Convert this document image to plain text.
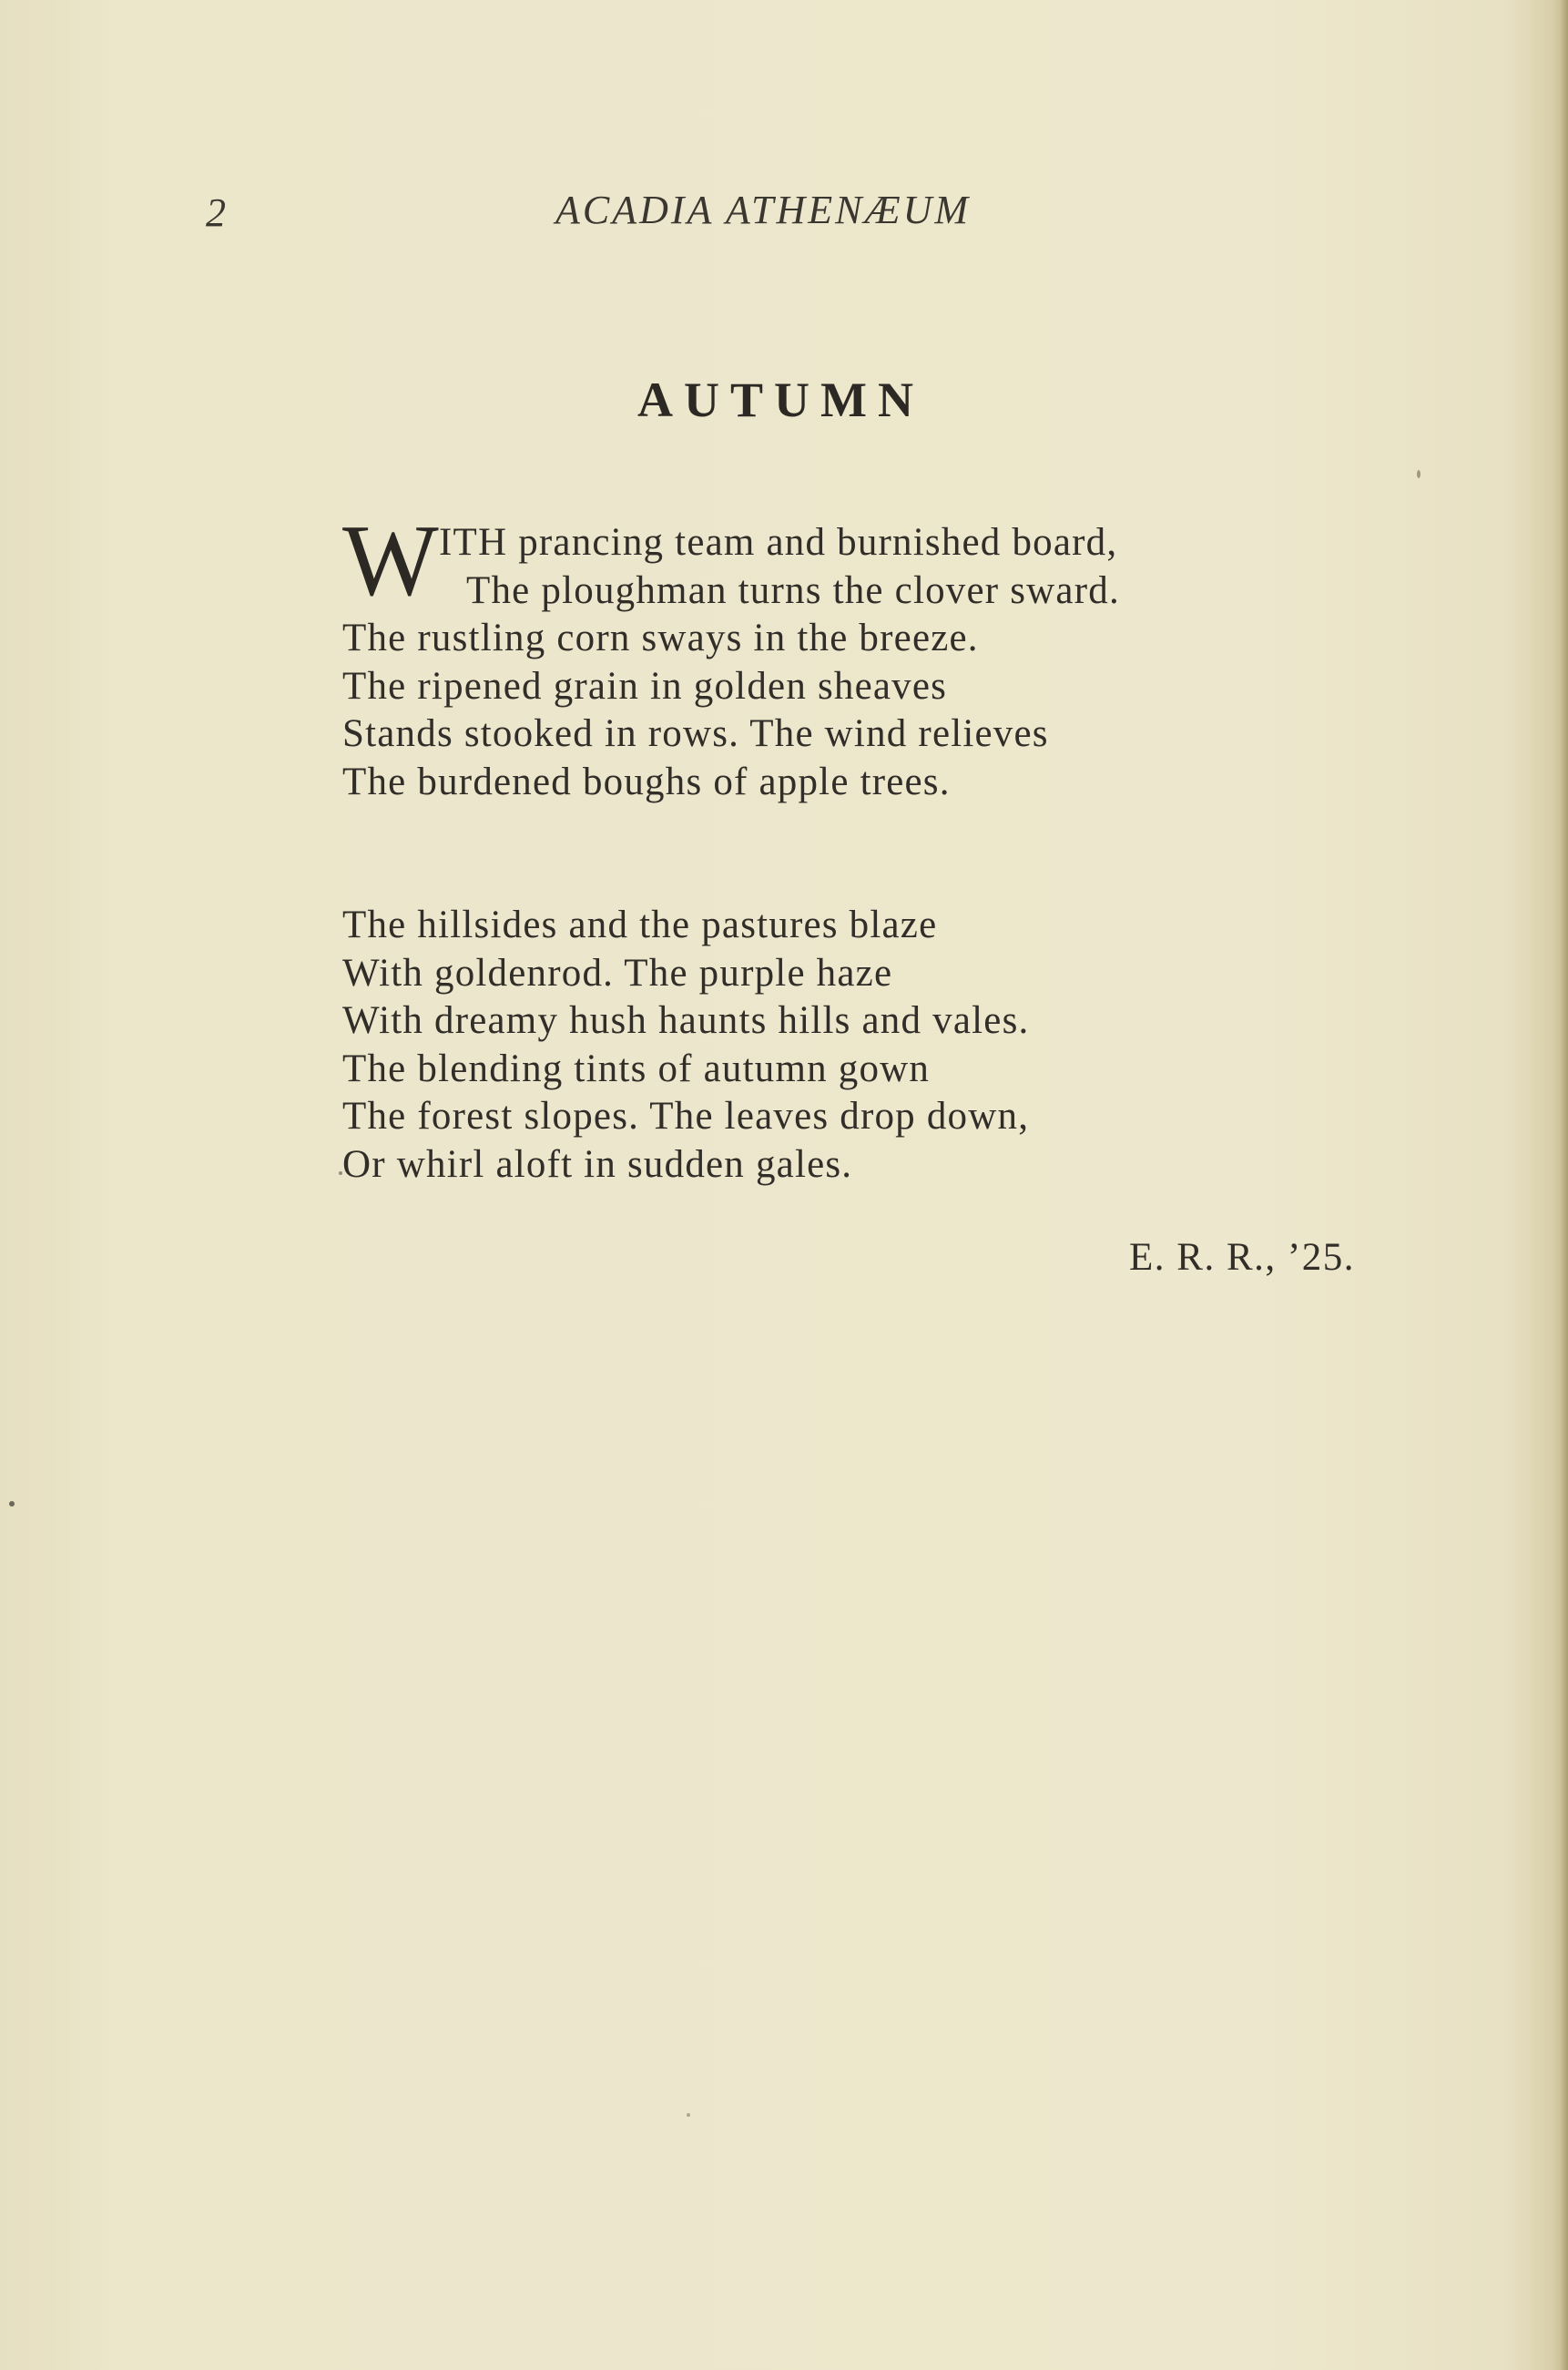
2	ACADIA ATHENÆUM
AUTUMN
W ITH prancing team and burnished board,
The ploughman turns the clover sward.
The rustling corn sways in the breeze.
The ripened grain in golden sheaves
Stands stooked in rows. The wind relieves
The burdened boughs of apple trees.
The hillsides and the pastures blaze
With goldenrod. The purple haze
With dreamy hush haunts hills and vales.
The blending tints of autumn gown
The forest slopes. The leaves drop down,
Or whirl aloft in sudden gales.
E. R. R., ’25.
